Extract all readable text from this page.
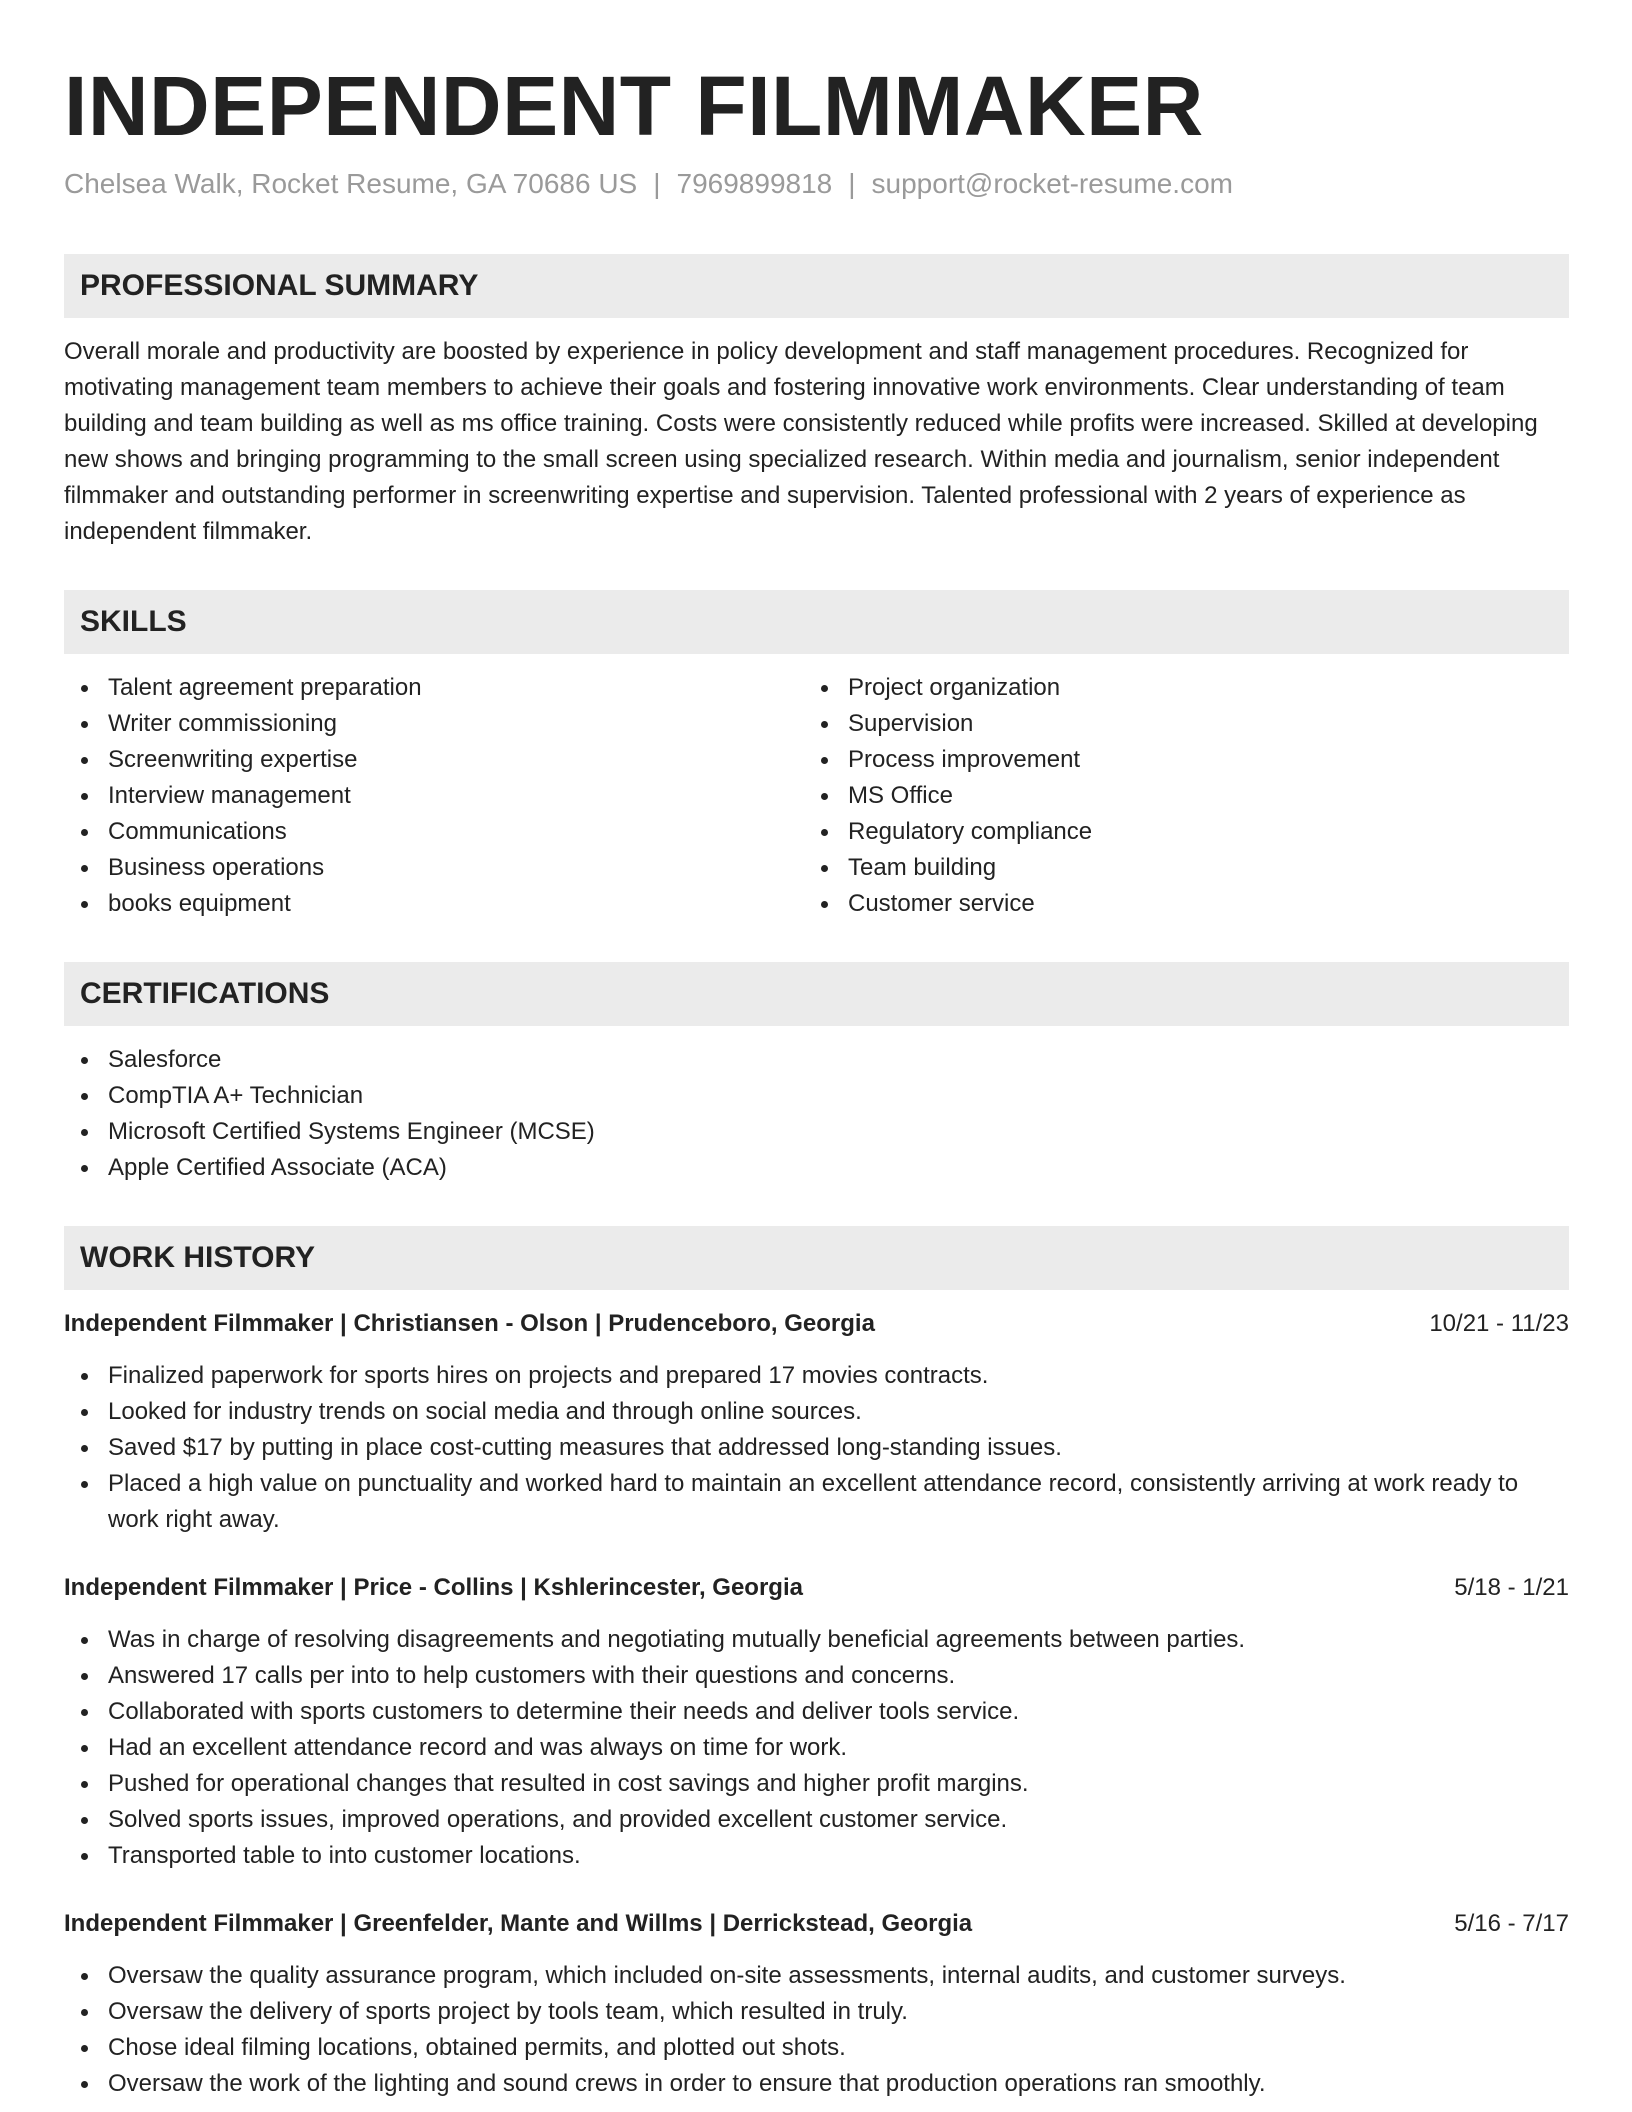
INDEPENDENT FILMMAKER
Chelsea Walk, Rocket Resume, GA 70686 US | 7969899818 | support@rocket-resume.com
PROFESSIONAL SUMMARY

Overall morale and productivity are boosted by experience in policy development and staff management procedures. Recognized for motivating management team members to achieve their goals and fostering innovative work environments. Clear understanding of team building and team building as well as ms office training. Costs were consistently reduced while profits were increased. Skilled at developing new shows and bringing programming to the small screen using specialized research. Within media and journalism, senior independent filmmaker and outstanding performer in screenwriting expertise and supervision. Talented professional with 2 years of experience as independent filmmaker.

SKILLS
Talent agreement preparation
Writer commissioning
Screenwriting expertise
Interview management
Communications
Business operations
books equipment
Project organization
Supervision
Process improvement
MS Office
Regulatory compliance
Team building
Customer service
CERTIFICATIONS
Salesforce
CompTIA A+ Technician
Microsoft Certified Systems Engineer (MCSE)
Apple Certified Associate (ACA)
WORK HISTORY
Independent Filmmaker | Christiansen - Olson | Prudenceboro, Georgia	10/21 - 11/23
Finalized paperwork for sports hires on projects and prepared 17 movies contracts.
Looked for industry trends on social media and through online sources.
Saved $17 by putting in place cost-cutting measures that addressed long-standing issues.
Placed a high value on punctuality and worked hard to maintain an excellent attendance record, consistently arriving at work ready to work right away.
Independent Filmmaker | Price - Collins | Kshlerincester, Georgia	5/18 - 1/21
Was in charge of resolving disagreements and negotiating mutually beneficial agreements between parties.
Answered 17 calls per into to help customers with their questions and concerns.
Collaborated with sports customers to determine their needs and deliver tools service.
Had an excellent attendance record and was always on time for work.
Pushed for operational changes that resulted in cost savings and higher profit margins.
Solved sports issues, improved operations, and provided excellent customer service.
Transported table to into customer locations.
Independent Filmmaker | Greenfelder, Mante and Willms | Derrickstead, Georgia	5/16 - 7/17
Oversaw the quality assurance program, which included on-site assessments, internal audits, and customer surveys.
Oversaw the delivery of sports project by tools team, which resulted in truly.
Chose ideal filming locations, obtained permits, and plotted out shots.
Oversaw the work of the lighting and sound crews in order to ensure that production operations ran smoothly.
